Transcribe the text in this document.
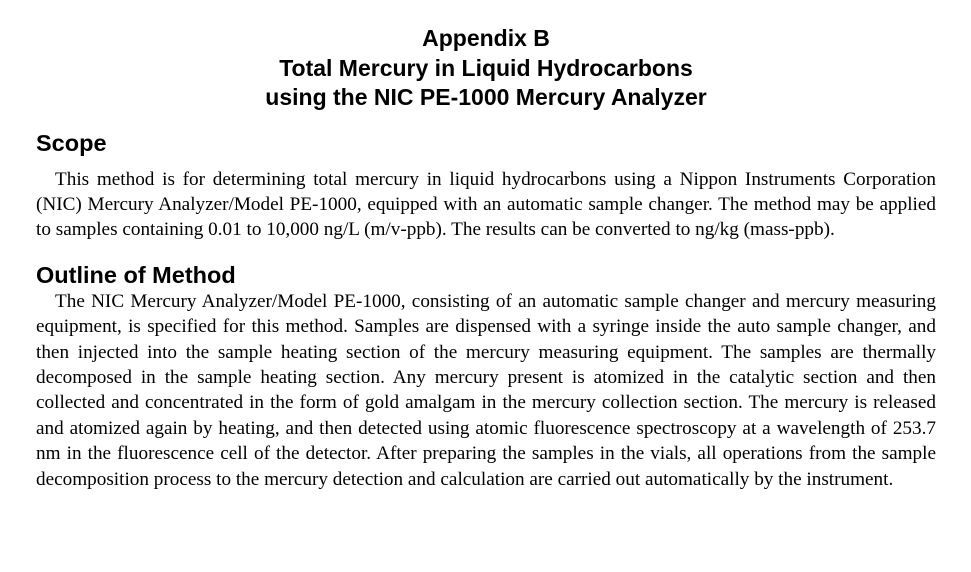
Appendix B
Total Mercury in Liquid Hydrocarbons
using the NIC PE-1000 Mercury Analyzer
Scope

This method is for determining total mercury in liquid hydrocarbons using a Nippon Instruments Corporation (NIC) Mercury Analyzer/Model PE-1000, equipped with an automatic sample changer. The method may be applied to samples containing 0.01 to 10,000 ng/L (m/v-ppb). The results can be converted to ng/kg (mass-ppb).

Outline of Method

The NIC Mercury Analyzer/Model PE-1000, consisting of an automatic sample changer and mercury measuring equipment, is specified for this method. Samples are dispensed with a syringe inside the auto sample changer, and then injected into the sample heating section of the mercury measuring equipment. The samples are thermally decomposed in the sample heating section. Any mercury present is atomized in the catalytic section and then collected and concentrated in the form of gold amalgam in the mercury collection section. The mercury is released and atomized again by heating, and then detected using atomic fluorescence spectroscopy at a wavelength of 253.7 nm in the fluorescence cell of the detector. After preparing the samples in the vials, all operations from the sample decomposition process to the mercury detection and calculation are carried out automatically by the instrument.
